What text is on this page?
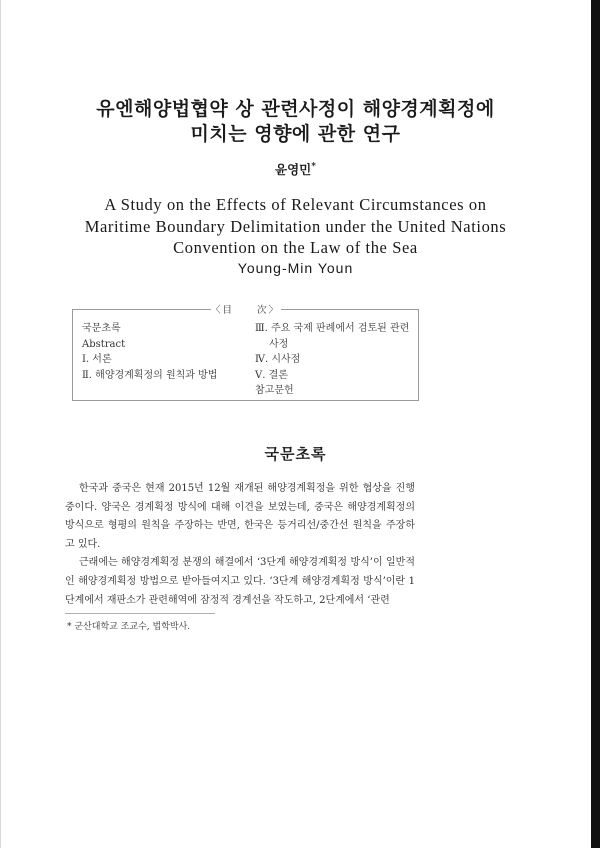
유엔해양법협약 상 관련사정이 해양경계획정에
미치는 영향에 관한 연구
윤영민*
A Study on the Effects of Relevant Circumstances on
Maritime Boundary Delimitation under the United Nations
Convention on the Law of the Sea
Young-Min Youn
〈目　　次〉
국문초록
Abstract
Ⅰ. 서론
Ⅱ. 해양경계획정의 원칙과 방법
Ⅲ. 주요 국제 판례에서 검토된 관련
사정
Ⅳ. 시사점
Ⅴ. 결론
참고문헌
국문초록

한국과 중국은 현재 2015년 12월 재개된 해양경계획정을 위한 협상을 진행 중이다. 양국은 경계획정 방식에 대해 이견을 보였는데, 중국은 해양경계획정의 방식으로 형평의 원칙을 주장하는 반면, 한국은 등거리선/중간선 원칙을 주장하고 있다.

근래에는 해양경계획정 분쟁의 해결에서 ‘3단계 해양경계획정 방식’이 일반적인 해양경계획정 방법으로 받아들여지고 있다. ‘3단계 해양경계획정 방식’이란 1단계에서 재판소가 관련해역에 잠정적 경계선을 작도하고, 2단계에서 ‘관련

* 군산대학교 조교수, 법학박사.
